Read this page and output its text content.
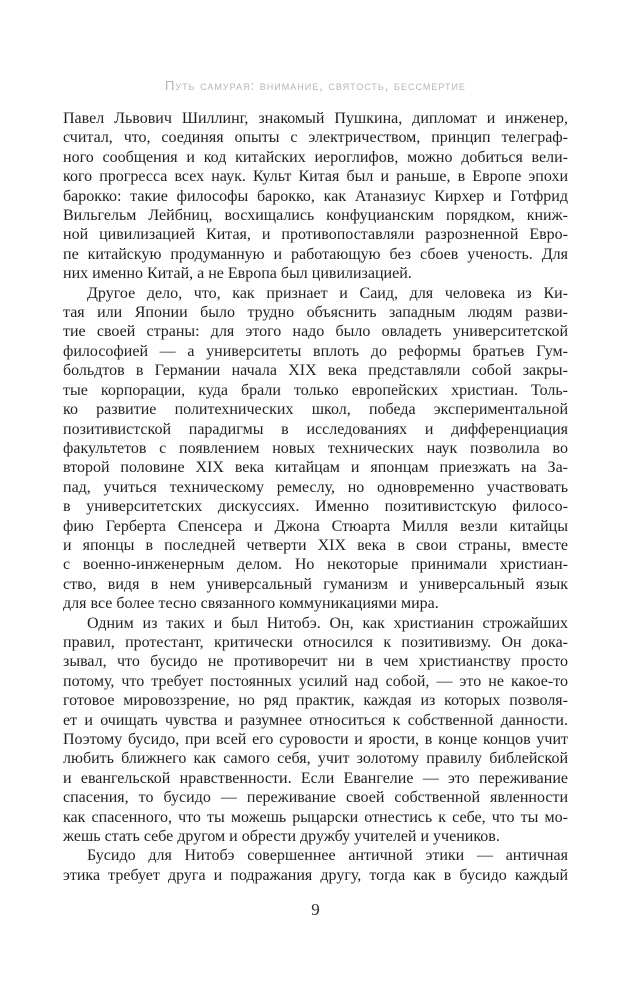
Путь самурая: внимание, святость, бессмертие
Павел Львович Шиллинг, знакомый Пушкина, дипломат и инженер,
считал, что, соединяя опыты с электричеством, принцип телеграф-
ного сообщения и код китайских иероглифов, можно добиться вели-
кого прогресса всех наук. Культ Китая был и раньше, в Европе эпохи
барокко: такие философы барокко, как Атаназиус Кирхер и Готфрид
Вильгельм Лейбниц, восхищались конфуцианским порядком, книж-
ной цивилизацией Китая, и противопоставляли разрозненной Евро-
пе китайскую продуманную и работающую без сбоев ученость. Для
них именно Китай, а не Европа был цивилизацией.
Другое дело, что, как признает и Саид, для человека из Ки-
тая или Японии было трудно объяснить западным людям разви-
тие своей страны: для этого надо было овладеть университетской
философией — а университеты вплоть до реформы братьев Гум-
больдтов в Германии начала XIX века представляли собой закры-
тые корпорации, куда брали только европейских христиан. Толь-
ко развитие политехнических школ, победа экспериментальной
позитивистской парадигмы в исследованиях и дифференциация
факультетов с появлением новых технических наук позволила во
второй половине XIX века китайцам и японцам приезжать на За-
пад, учиться техническому ремеслу, но одновременно участвовать
в университетских дискуссиях. Именно позитивистскую филосо-
фию Герберта Спенсера и Джона Стюарта Милля везли китайцы
и японцы в последней четверти XIX века в свои страны, вместе
с военно-инженерным делом. Но некоторые принимали христиан-
ство, видя в нем универсальный гуманизм и универсальный язык
для все более тесно связанного коммуникациями мира.
Одним из таких и был Нитобэ. Он, как христианин строжайших
правил, протестант, критически относился к позитивизму. Он дока-
зывал, что бусидо не противоречит ни в чем христианству просто
потому, что требует постоянных усилий над собой, — это не какое-то
готовое мировоззрение, но ряд практик, каждая из которых позволя-
ет и очищать чувства и разумнее относиться к собственной данности.
Поэтому бусидо, при всей его суровости и ярости, в конце концов учит
любить ближнего как самого себя, учит золотому правилу библейской
и евангельской нравственности. Если Евангелие — это переживание
спасения, то бусидо — переживание своей собственной явленности
как спасенного, что ты можешь рыцарски отнестись к себе, что ты мо-
жешь стать себе другом и обрести дружбу учителей и учеников.
Бусидо для Нитобэ совершеннее античной этики — античная
этика требует друга и подражания другу, тогда как в бусидо каждый
9
